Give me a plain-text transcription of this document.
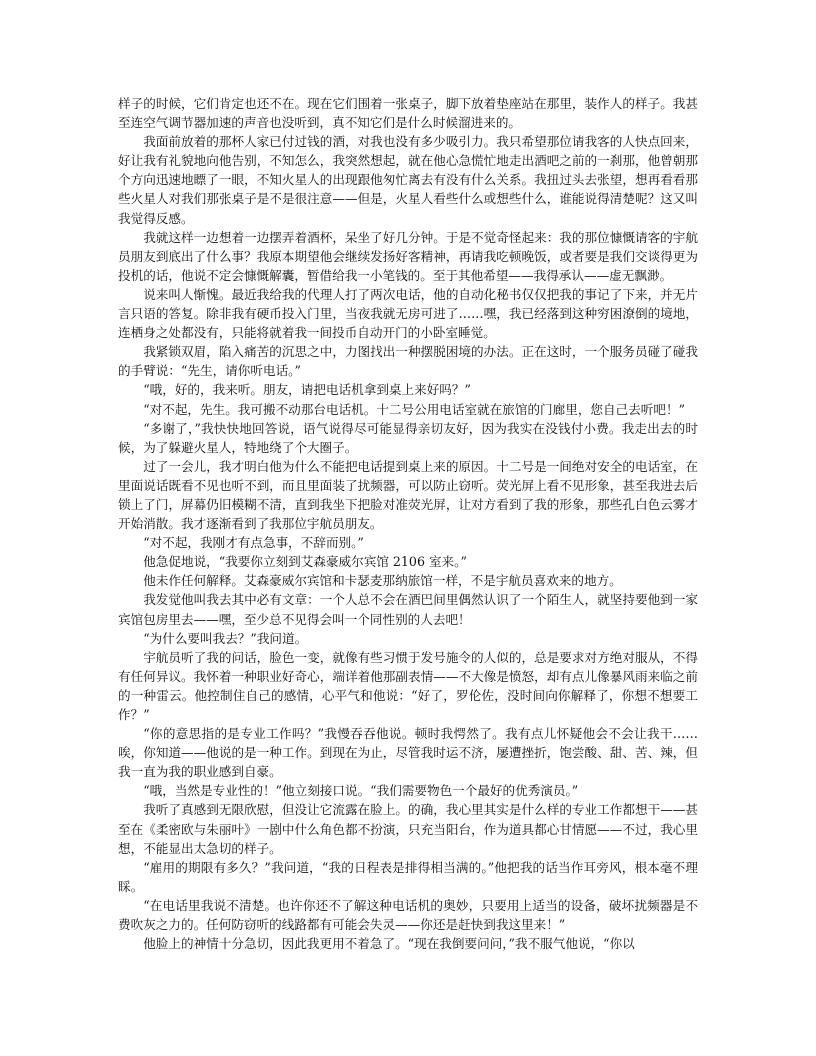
样子的时候，它们肯定也还不在。现在它们围着一张桌子，脚下放着垫座站在那里，装作人的样子。我甚至连空气调节器加速的声音也没听到，真不知它们是什么时候溜进来的。

我面前放着的那杯人家已付过钱的酒，对我也没有多少吸引力。我只希望那位请我客的人快点回来，好让我有礼貌地向他告别，不知怎么，我突然想起，就在他心急慌忙地走出酒吧之前的一刹那，他曾朝那个方向迅速地瞟了一眼，不知火星人的出现跟他匆忙离去有没有什么关系。我扭过头去张望，想再看看那些火星人对我们那张桌子是不是很注意——但是，火星人看些什么或想些什么，谁能说得清楚呢？这又叫我觉得反感。

我就这样一边想着一边摆弄着酒杯，呆坐了好几分钟。于是不觉奇怪起来：我的那位慷慨请客的宇航员朋友到底出了什么事？我原本期望他会继续发扬好客精神，再请我吃顿晚饭，或者要是我们交谈得更为投机的话，他说不定会慷慨解囊，暂借给我一小笔钱的。至于其他希望——我得承认——虚无飘渺。

说来叫人惭愧。最近我给我的代理人打了两次电话，他的自动化秘书仅仅把我的事记了下来，并无片言只语的答复。除非我有硬币投入门里，当夜我就无房可进了……嘿，我已经落到这种穷困潦倒的境地，连栖身之处都没有，只能将就着我一间投币自动开门的小卧室睡觉。

我紧锁双眉，陷入痛苦的沉思之中，力图找出一种摆脱困境的办法。正在这时，一个服务员碰了碰我的手臂说：“先生，请你听电话。”

“哦，好的，我来听。朋友，请把电话机拿到桌上来好吗？”

“对不起，先生。我可搬不动那台电话机。十二号公用电话室就在旅馆的门廊里，您自己去听吧！”

“多谢了，”我快快地回答说，语气说得尽可能显得亲切友好，因为我实在没钱付小费。我走出去的时候，为了躲避火星人，特地绕了个大圈子。

过了一会儿，我才明白他为什么不能把电话提到桌上来的原因。十二号是一间绝对安全的电话室，在里面说话既看不见也听不到，而且里面装了扰频器，可以防止窃听。荧光屏上看不见形象，甚至我进去后锁上了门，屏幕仍旧模糊不清，直到我坐下把脸对准荧光屏，让对方看到了我的形象，那些孔白色云雾才开始消散。我才逐渐看到了我那位宇航员朋友。

“对不起，我刚才有点急事，不辞而别。”

他急促地说，“我要你立刻到艾森豪威尔宾馆 2106 室来。”

他未作任何解释。艾森豪威尔宾馆和卡瑟麦那纳旅馆一样，不是宇航员喜欢来的地方。

我发觉他叫我去其中必有文章：一个人总不会在酒巴间里偶然认识了一个陌生人，就坚持要他到一家宾馆包房里去——嘿，至少总不见得会叫一个同性别的人去吧！

“为什么要叫我去？”我问道。

宇航员听了我的问话，脸色一变，就像有些习惯于发号施令的人似的，总是要求对方绝对服从，不得有任何异议。我怀着一种职业好奇心，端详着他那副表情——不大像是愤怒，却有点儿像暴风雨来临之前的一种雷云。他控制住自己的感情，心平气和他说：“好了，罗伦佐，没时间向你解释了，你想不想要工作？”

“你的意思指的是专业工作吗？”我慢吞吞他说。顿时我愕然了。我有点儿怀疑他会不会让我干……唉，你知道——他说的是一种工作。到现在为止，尽管我时运不济，屡遭挫折，饱尝酸、甜、苦、辣，但我一直为我的职业感到自豪。

“哦，当然是专业性的！”他立刻接口说。“我们需要物色一个最好的优秀演员。”

我听了真感到无限欣慰，但没让它流露在脸上。的确，我心里其实是什么样的专业工作都想干——甚至在《柔密欧与朱丽叶》一剧中什么角色都不扮演，只充当阳台，作为道具都心甘情愿——不过，我心里想，不能显出太急切的样子。

“雇用的期限有多久？”我问道，“我的日程表是排得相当满的。”他把我的话当作耳旁风，根本毫不理睬。

“在电话里我说不清楚。也许你还不了解这种电话机的奥妙，只要用上适当的设备，破坏扰频器是不费吹灰之力的。任何防窃听的线路都有可能会失灵——你还是赶快到我这里来！”

他脸上的神情十分急切，因此我更用不着急了。“现在我倒要问问，”我不服气他说，“你以
